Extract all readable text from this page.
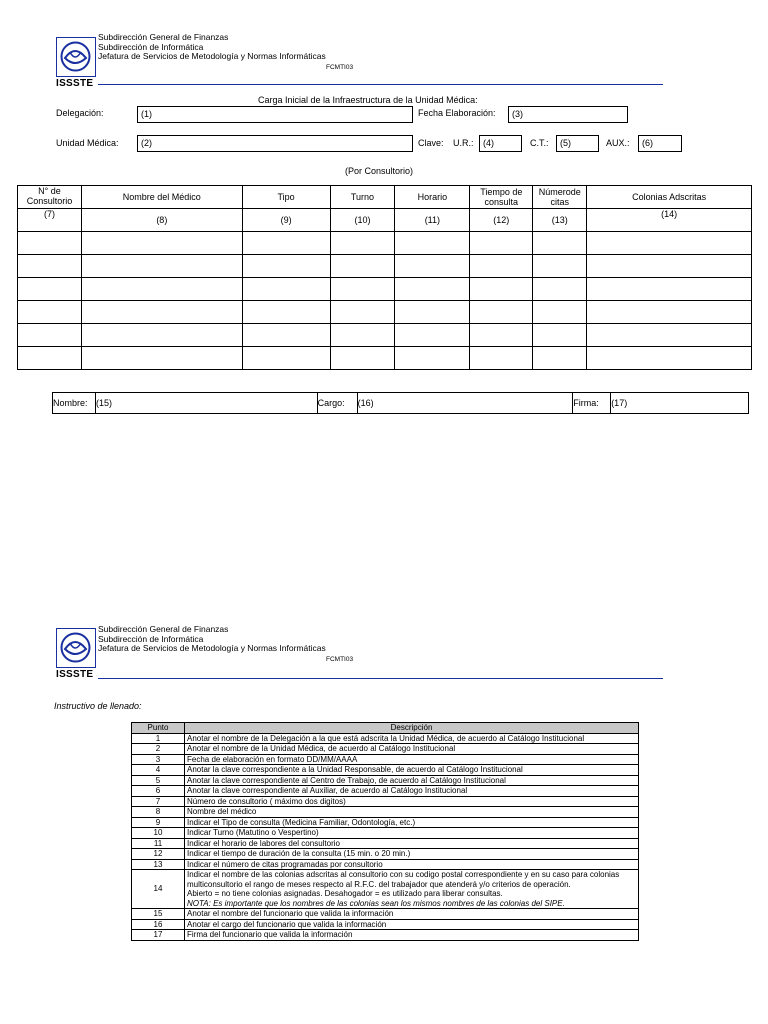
ISSSTE
Subdirección General de Finanzas
Subdirección de Informática
Jefatura de Servicios de Metodología y Normas Informáticas
FCMTI03
Carga Inicial de la Infraestructura de la Unidad Médica:
Delegación:	(1)	Fecha Elaboración:	(3)
Unidad Médica:	(2)	Clave: U.R.:	(4)	C.T.:	(5)	AUX.:	(6)
(Por Consultorio)
N° de Consultorio	Nombre del Médico	Tipo	Turno	Horario	Tiempo de consulta	Númerode citas	Colonias Adscritas
(7)	(8)	(9)	(10)	(11)	(12)	(13)	(14)

Nombre:	(15)	Cargo:	(16)	Firma:	(17)
ISSSTE
Subdirección General de Finanzas
Subdirección de Informática
Jefatura de Servicios de Metodología y Normas Informáticas
FCMTI03
Instructivo de llenado:
Punto	Descripción
1	Anotar el nombre de la Delegación a la que está adscrita la Unidad Médica, de acuerdo al Catálogo Institucional
2	Anotar el nombre de la Unidad Médica, de acuerdo al Catálogo Institucional
3	Fecha de elaboración en formato DD/MM/AAAA
4	Anotar la clave correspondiente a la Unidad Responsable, de acuerdo al Catálogo Institucional
5	Anotar la clave correspondiente al Centro de Trabajo, de acuerdo al Catálogo Institucional
6	Anotar la clave correspondiente al Auxiliar, de acuerdo al Catálogo Institucional
7	Número de consultorio ( máximo dos digitos)
8	Nombre del médico
9	Indicar el Tipo de consulta (Medicina Familiar, Odontología, etc.)
10	Indicar Turno (Matutino o Vespertino)
11	Indicar el horario de labores del consultorio
12	Indicar el tiempo de duración de la consulta (15 min. o 20 min.)
13	Indicar el número de citas programadas por consultorio
14	Indicar el nombre de las colonias adscritas al consultorio con su codigo postal correspondiente y en su caso para colonias multiconsultorio el rango de meses respecto al R.F.C. del trabajador que atenderá y/o criterios de operación.
Abierto = no tiene colonias asignadas. Desahogador = es utilizado para liberar consultas.
NOTA: Es importante que los nombres de las colonias sean los mismos nombres de las colonias del SIPE.

15	Anotar el nombre del funcionario que valida la información
16	Anotar el cargo del funcionario que valida la información
17	Firma del funcionario que valida la información
